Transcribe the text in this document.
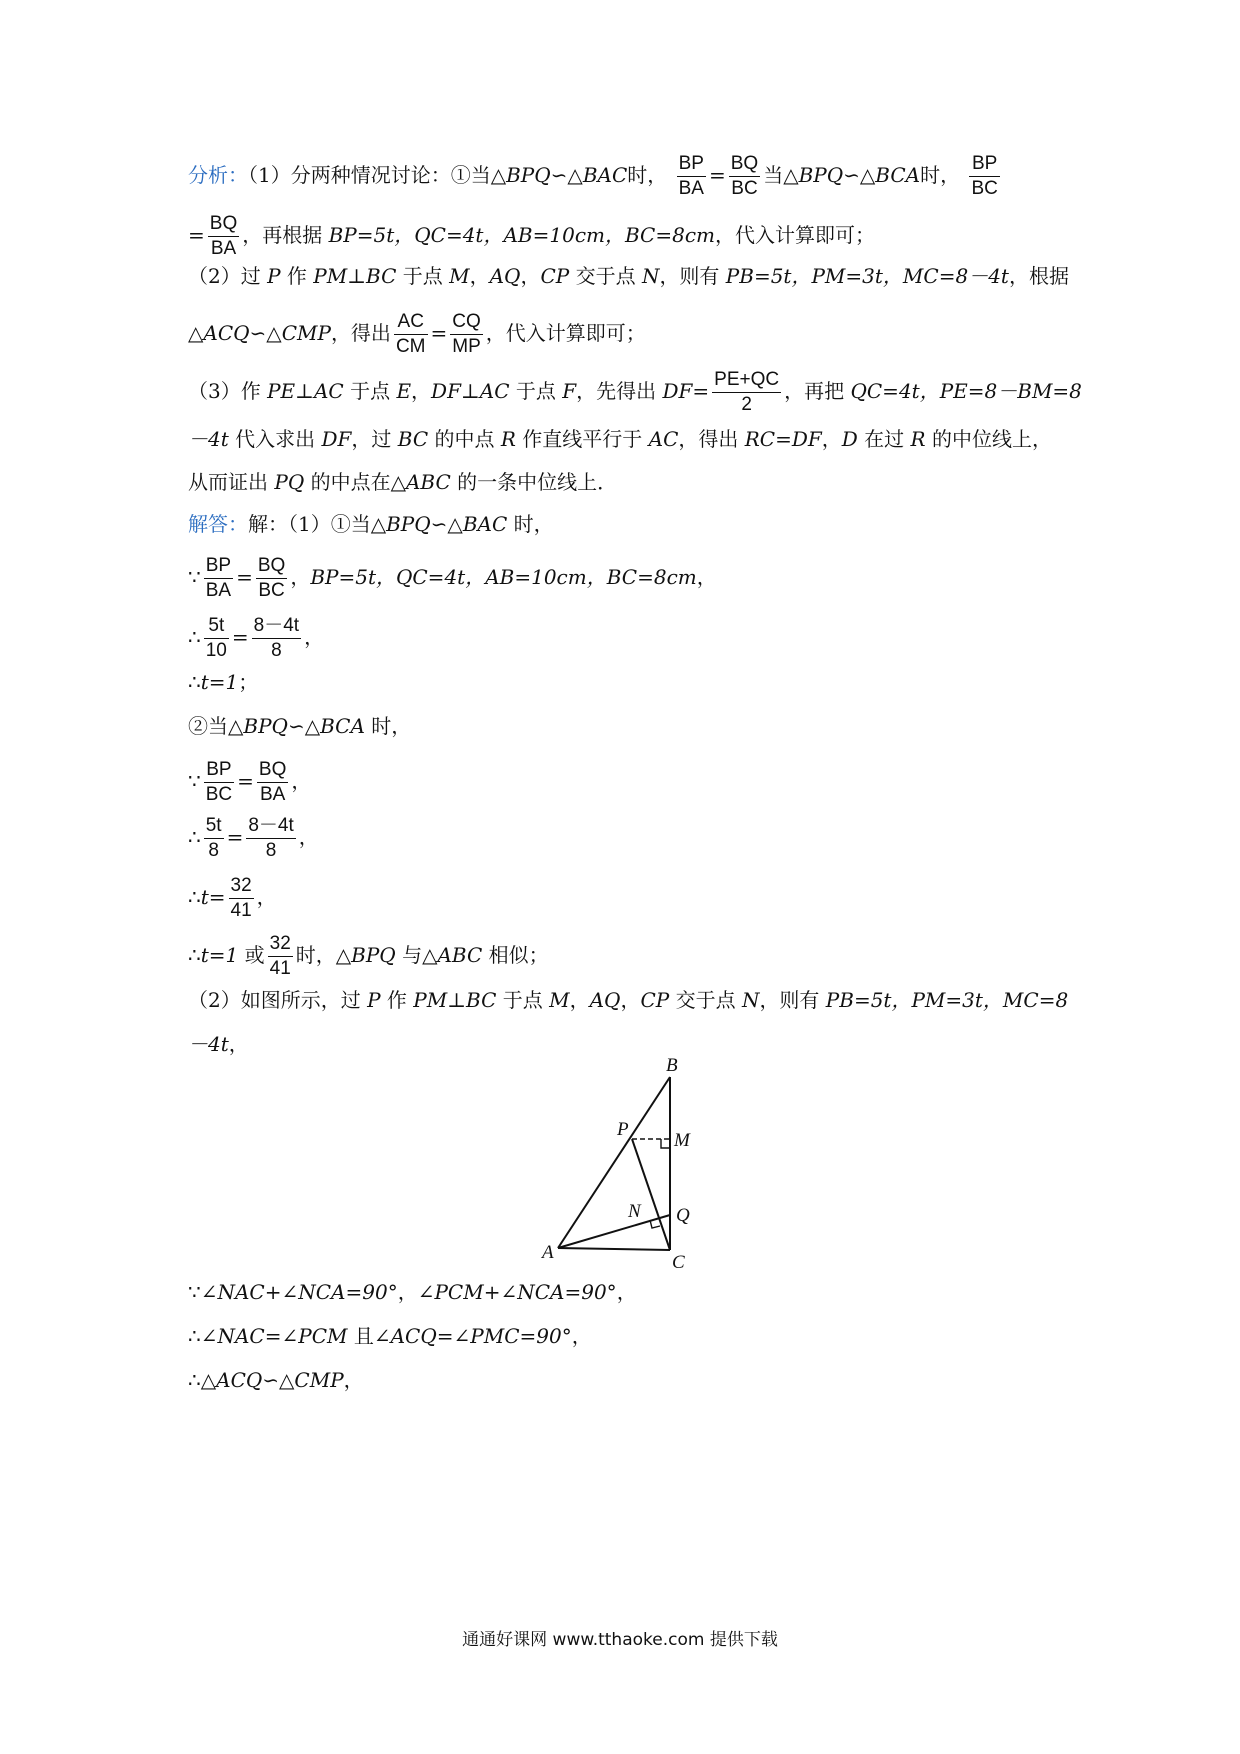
分析：（1）分两种情况讨论：①当△BPQ∽△BAC时， $\frac{BP}{BA} = \frac{BQ}{BC}$ 当△BPQ∽△BCA时， $\frac{BP}{BC}$
= $\frac{BQ}{BA}$ ，再根据 BP=5t，QC=4t，AB=10cm，BC=8cm，代入计算即可；
（2）过 P 作 PM⊥BC 于点 M，AQ，CP 交于点 N，则有 PB=5t，PM=3t，MC=8－4t，根据
△ACQ∽△CMP，得出 $\frac{AC}{CM} = \frac{CQ}{MP}$ ，代入计算即可；
（3）作 PE⊥AC 于点 E，DF⊥AC 于点 F，先得出 $DF= \frac{PE+QC}{2}$ ，再把 QC=4t，PE=8－BM=8
－4t 代入求出 DF，过 BC 的中点 R 作直线平行于 AC，得出 RC=DF，D 在过 R 的中位线上，
从而证出 PQ 的中点在△ABC 的一条中位线上．
解答：解：（1）①当△BPQ∽△BAC 时，
∵ $\frac{BP}{BA} = \frac{BQ}{BC}$ ，BP=5t，QC=4t，AB=10cm，BC=8cm，
∴ $\frac{5t}{10} = \frac{8-4t}{8}$ ，
∴t=1；
②当△BPQ∽△BCA 时，
∵ $\frac{BP}{BC} = \frac{BQ}{BA}$ ，
∴ $\frac{5t}{8} = \frac{8-4t}{8}$ ，
∴t= $\frac{32}{41}$ ，
∴t=1 或 $\frac{32}{41}$ 时，△BPQ 与△ABC 相似；
（2）如图所示，过 P 作 PM⊥BC 于点 M，AQ，CP 交于点 N，则有 PB=5t，PM=3t，MC=8
－4t，
B
P
M
N Q
A	C
∵∠NAC+∠NCA=90°，∠PCM+∠NCA=90°，
∴∠NAC=∠PCM 且∠ACQ=∠PMC=90°，
∴△ACQ∽△CMP，
通通好课网 www.tthaoke.com 提供下载
